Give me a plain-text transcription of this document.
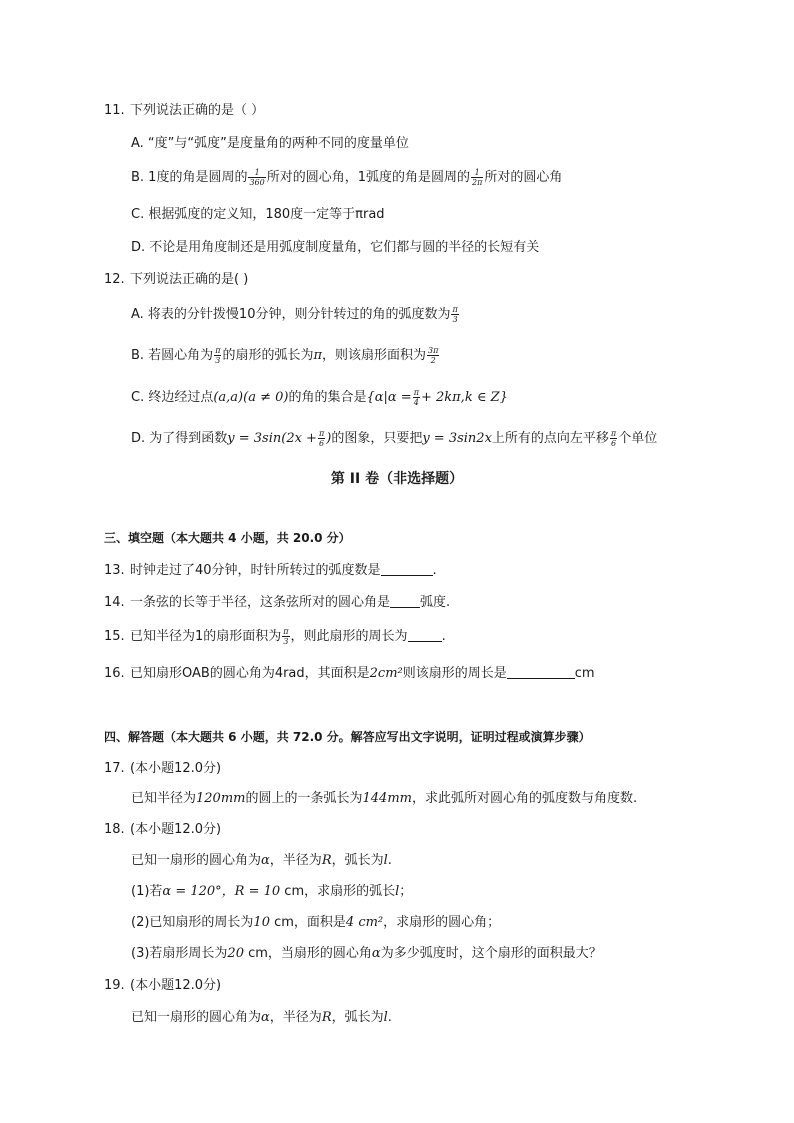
11. 下列说法正确的是（ ）
A. “度”与“弧度”是度量角的两种不同的度量单位
B. 1度的角是圆周的 $\frac{1}{360}$ 所对的圆心角，1弧度的角是圆周的 $\frac{1}{2\pi}$ 所对的圆心角
C. 根据弧度的定义知，180度一定等于πrad
D. 不论是用角度制还是用弧度制度量角，它们都与圆的半径的长短有关
12. 下列说法正确的是( )
A. 将表的分针拨慢10分钟，则分针转过的角的弧度数为 $\frac{\pi}{3}$
B. 若圆心角为 $\frac{\pi}{3}$ 的扇形的弧长为π，则该扇形面积为 $\frac{3\pi}{2}$
C. 终边经过点(a,a)(a ≠ 0)的角的集合是{$\alpha|\alpha = \frac{\pi}{4} + 2k\pi,k$ ∈ Z}
D. 为了得到函数$y = 3\sin(2x + \frac{\pi}{6}$ )的图象，只要把y = 3sin2x上所有的点向左平移 $\frac{\pi}{6}$ 个单位
第 II 卷（非选择题）
三、填空题（本大题共 4 小题，共 20.0 分）
13. 时钟走过了40分钟，时针所转过的弧度数是	.
14. 一条弦的长等于半径，这条弦所对的圆心角是 弧度.
15. 已知半径为1的扇形面积为 $\frac{\pi}{3}$ ，则此扇形的周长为	.
16. 已知扇形OAB的圆心角为4rad，其面积是2cm²则该扇形的周长是	cm
四、解答题（本大题共 6 小题，共 72.0 分。解答应写出文字说明，证明过程或演算步骤）
17. (本小题12.0分)
已知半径为120mm的圆上的一条弧长为144mm，求此弧所对圆心角的弧度数与角度数.
18. (本小题12.0分)
已知一扇形的圆心角为α，半径为R，弧长为l.
(1)若α = 120°，R = 10 cm，求扇形的弧长l；
(2)已知扇形的周长为10 cm，面积是4 cm²，求扇形的圆心角；
(3)若扇形周长为20 cm，当扇形的圆心角α为多少弧度时，这个扇形的面积最大？
19. (本小题12.0分)
已知一扇形的圆心角为α，半径为R，弧长为l.
